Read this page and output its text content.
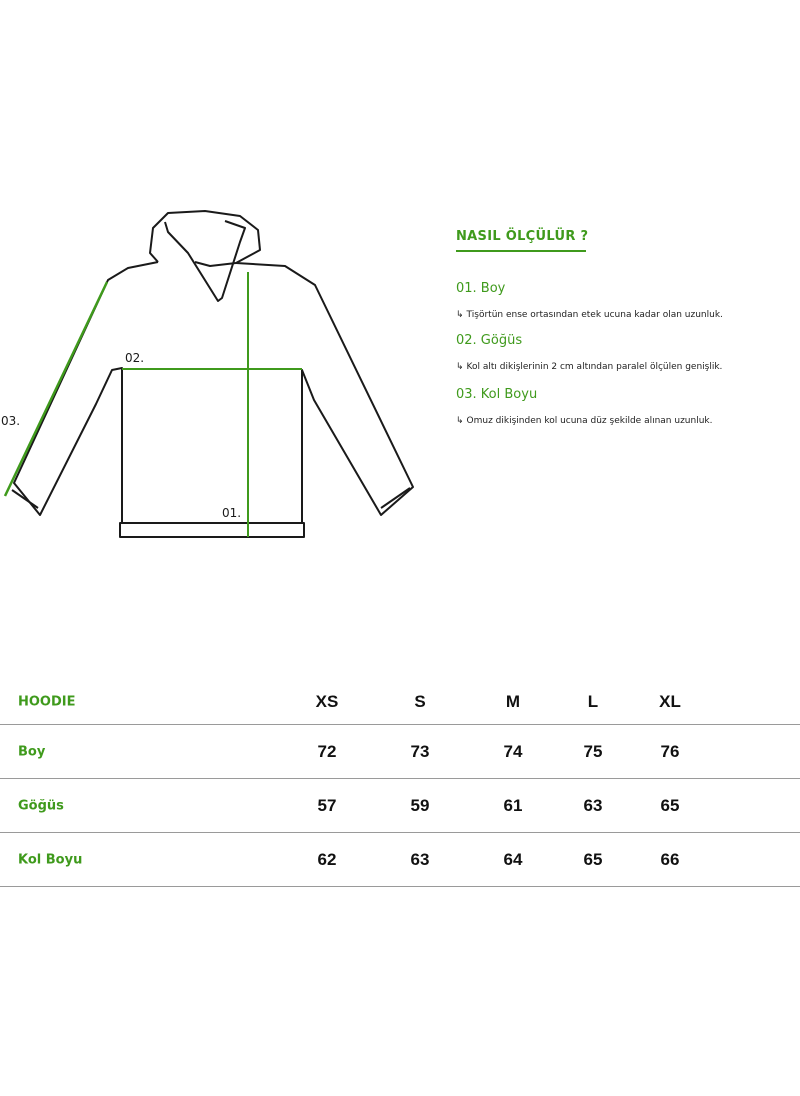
02.
01.
03.
NASIL ÖLÇÜLÜR ?
01. Boy
↳ Tişörtün ense ortasından etek ucuna kadar olan uzunluk.
02. Göğüs
↳ Kol altı dikişlerinin 2 cm altından paralel ölçülen genişlik.
03. Kol Boyu
↳ Omuz dikişinden kol ucuna düz şekilde alınan uzunluk.
HOODIE	XS	S	M	L	XL
Boy	72	73	74	75	76
Göğüs	57	59	61	63	65
Kol Boyu	62	63	64	65	66
